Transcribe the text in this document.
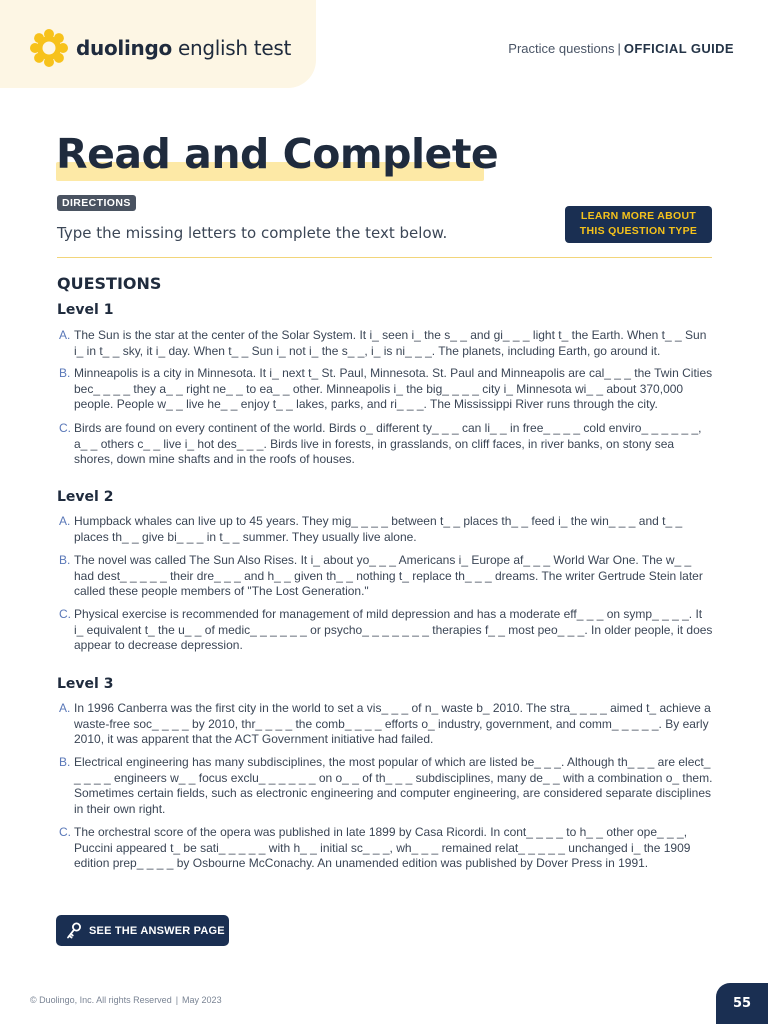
duolingo english test	Practice questions | OFFICIAL GUIDE
Read and Complete
DIRECTIONS
Type the missing letters to complete the text below.
LEARN MORE ABOUT
THIS QUESTION TYPE
QUESTIONS
Level 1
A. The Sun is the star at the center of the Solar System. It i_ seen i_ the s_ _ and gi_ _ _ light t_ the Earth. When t_ _ Sun i_ in t_ _ sky, it i_ day. When t_ _ Sun i_ not i_ the s_ _, i_ is ni_ _ _. The planets, including Earth, go around it.
B. Minneapolis is a city in Minnesota. It i_ next t_ St. Paul, Minnesota. St. Paul and Minneapolis are cal_ _ _ the Twin Cities bec_ _ _ _ they a_ _ right ne_ _ to ea_ _ other. Minneapolis i_ the big_ _ _ _ city i_ Minnesota wi_ _ about 370,000 people. People w_ _ live he_ _ enjoy t_ _ lakes, parks, and ri_ _ _. The Mississippi River runs through the city.
C. Birds are found on every continent of the world. Birds o_ different ty_ _ _ can li_ _ in free_ _ _ _ cold enviro_ _ _ _ _ _, a_ _ others c_ _ live i_ hot des_ _ _. Birds live in forests, in grasslands, on cliff faces, in river banks, on stony sea shores, down mine shafts and in the roofs of houses.
Level 2
A. Humpback whales can live up to 45 years. They mig_ _ _ _ between t_ _ places th_ _ feed i_ the win_ _ _ and t_ _ places th_ _ give bi_ _ _ in t_ _ summer. They usually live alone.
B. The novel was called The Sun Also Rises. It i_ about yo_ _ _ Americans i_ Europe af_ _ _ World War One. The w_ _ had dest_ _ _ _ _ their dre_ _ _ and h_ _ given th_ _ nothing t_ replace th_ _ _ dreams. The writer Gertrude Stein later called these people members of "The Lost Generation."
C. Physical exercise is recommended for management of mild depression and has a moderate eff_ _ _ on symp_ _ _ _. It i_ equivalent t_ the u_ _ of medic_ _ _ _ _ _ or psycho_ _ _ _ _ _ _ therapies f_ _ most peo_ _ _. In older people, it does appear to decrease depression.
Level 3
A. In 1996 Canberra was the first city in the world to set a vis_ _ _ of n_ waste b_ 2010. The stra_ _ _ _ aimed t_ achieve a waste-free soc_ _ _ _ by 2010, thr_ _ _ _ the comb_ _ _ _ efforts o_ industry, government, and comm_ _ _ _ _. By early 2010, it was apparent that the ACT Government initiative had failed.
B. Electrical engineering has many subdisciplines, the most popular of which are listed be_ _ _. Although th_ _ _ are elect_ _ _ _ _ engineers w_ _ focus exclu_ _ _ _ _ _ on o_ _ of th_ _ _ subdisciplines, many de_ _ with a combination o_ them. Sometimes certain fields, such as electronic engineering and computer engineering, are considered separate disciplines in their own right.
C. The orchestral score of the opera was published in late 1899 by Casa Ricordi. In cont_ _ _ _ to h_ _ other ope_ _ _, Puccini appeared t_ be sati_ _ _ _ _ with h_ _ initial sc_ _ _, wh_ _ _ remained relat_ _ _ _ _ unchanged i_ the 1909 edition prep_ _ _ _ by Osbourne McConachy. An unamended edition was published by Dover Press in 1991.
SEE THE ANSWER PAGE
© Duolingo, Inc. All rights Reserved | May 2023	55
